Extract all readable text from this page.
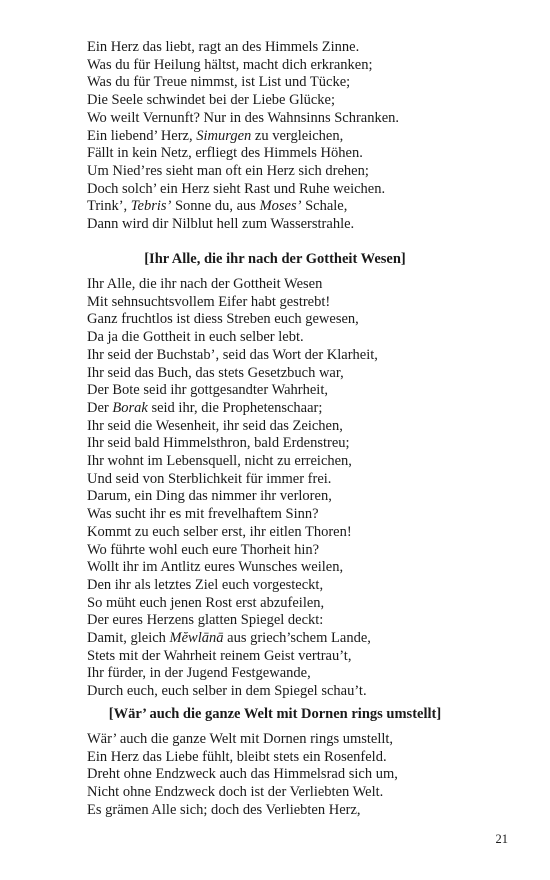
Ein Herz das liebt, ragt an des Himmels Zinne.
Was du für Heilung hältst, macht dich erkranken;
Was du für Treue nimmst, ist List und Tücke;
Die Seele schwindet bei der Liebe Glücke;
Wo weilt Vernunft? Nur in des Wahnsinns Schranken.
Ein liebend’ Herz, Simurgen zu vergleichen,
Fällt in kein Netz, erfliegt des Himmels Höhen.
Um Nied’res sieht man oft ein Herz sich drehen;
Doch solch’ ein Herz sieht Rast und Ruhe weichen.
Trink’, Tebris’ Sonne du, aus Moses’ Schale,
Dann wird dir Nilblut hell zum Wasserstrahle.
[Ihr Alle, die ihr nach der Gottheit Wesen]
Ihr Alle, die ihr nach der Gottheit Wesen
Mit sehnsuchtsvollem Eifer habt gestrebt!
Ganz fruchtlos ist diess Streben euch gewesen,
Da ja die Gottheit in euch selber lebt.
Ihr seid der Buchstab’, seid das Wort der Klarheit,
Ihr seid das Buch, das stets Gesetzbuch war,
Der Bote seid ihr gottgesandter Wahrheit,
Der Borak seid ihr, die Prophetenschaar;
Ihr seid die Wesenheit, ihr seid das Zeichen,
Ihr seid bald Himmelsthron, bald Erdenstreu;
Ihr wohnt im Lebensquell, nicht zu erreichen,
Und seid von Sterblichkeit für immer frei.
Darum, ein Ding das nimmer ihr verloren,
Was sucht ihr es mit frevelhaftem Sinn?
Kommt zu euch selber erst, ihr eitlen Thoren!
Wo führte wohl euch eure Thorheit hin?
Wollt ihr im Antlitz eures Wunsches weilen,
Den ihr als letztes Ziel euch vorgesteckt,
So müht euch jenen Rost erst abzufeilen,
Der eures Herzens glatten Spiegel deckt:
Damit, gleich Mĕwlānā aus griech’schem Lande,
Stets mit der Wahrheit reinem Geist vertrau’t,
Ihr fürder, in der Jugend Festgewande,
Durch euch, euch selber in dem Spiegel schau’t.
[Wär’ auch die ganze Welt mit Dornen rings umstellt]
Wär’ auch die ganze Welt mit Dornen rings umstellt,
Ein Herz das Liebe fühlt, bleibt stets ein Rosenfeld.
Dreht ohne Endzweck auch das Himmelsrad sich um,
Nicht ohne Endzweck doch ist der Verliebten Welt.
Es grämen Alle sich; doch des Verliebten Herz,
21
